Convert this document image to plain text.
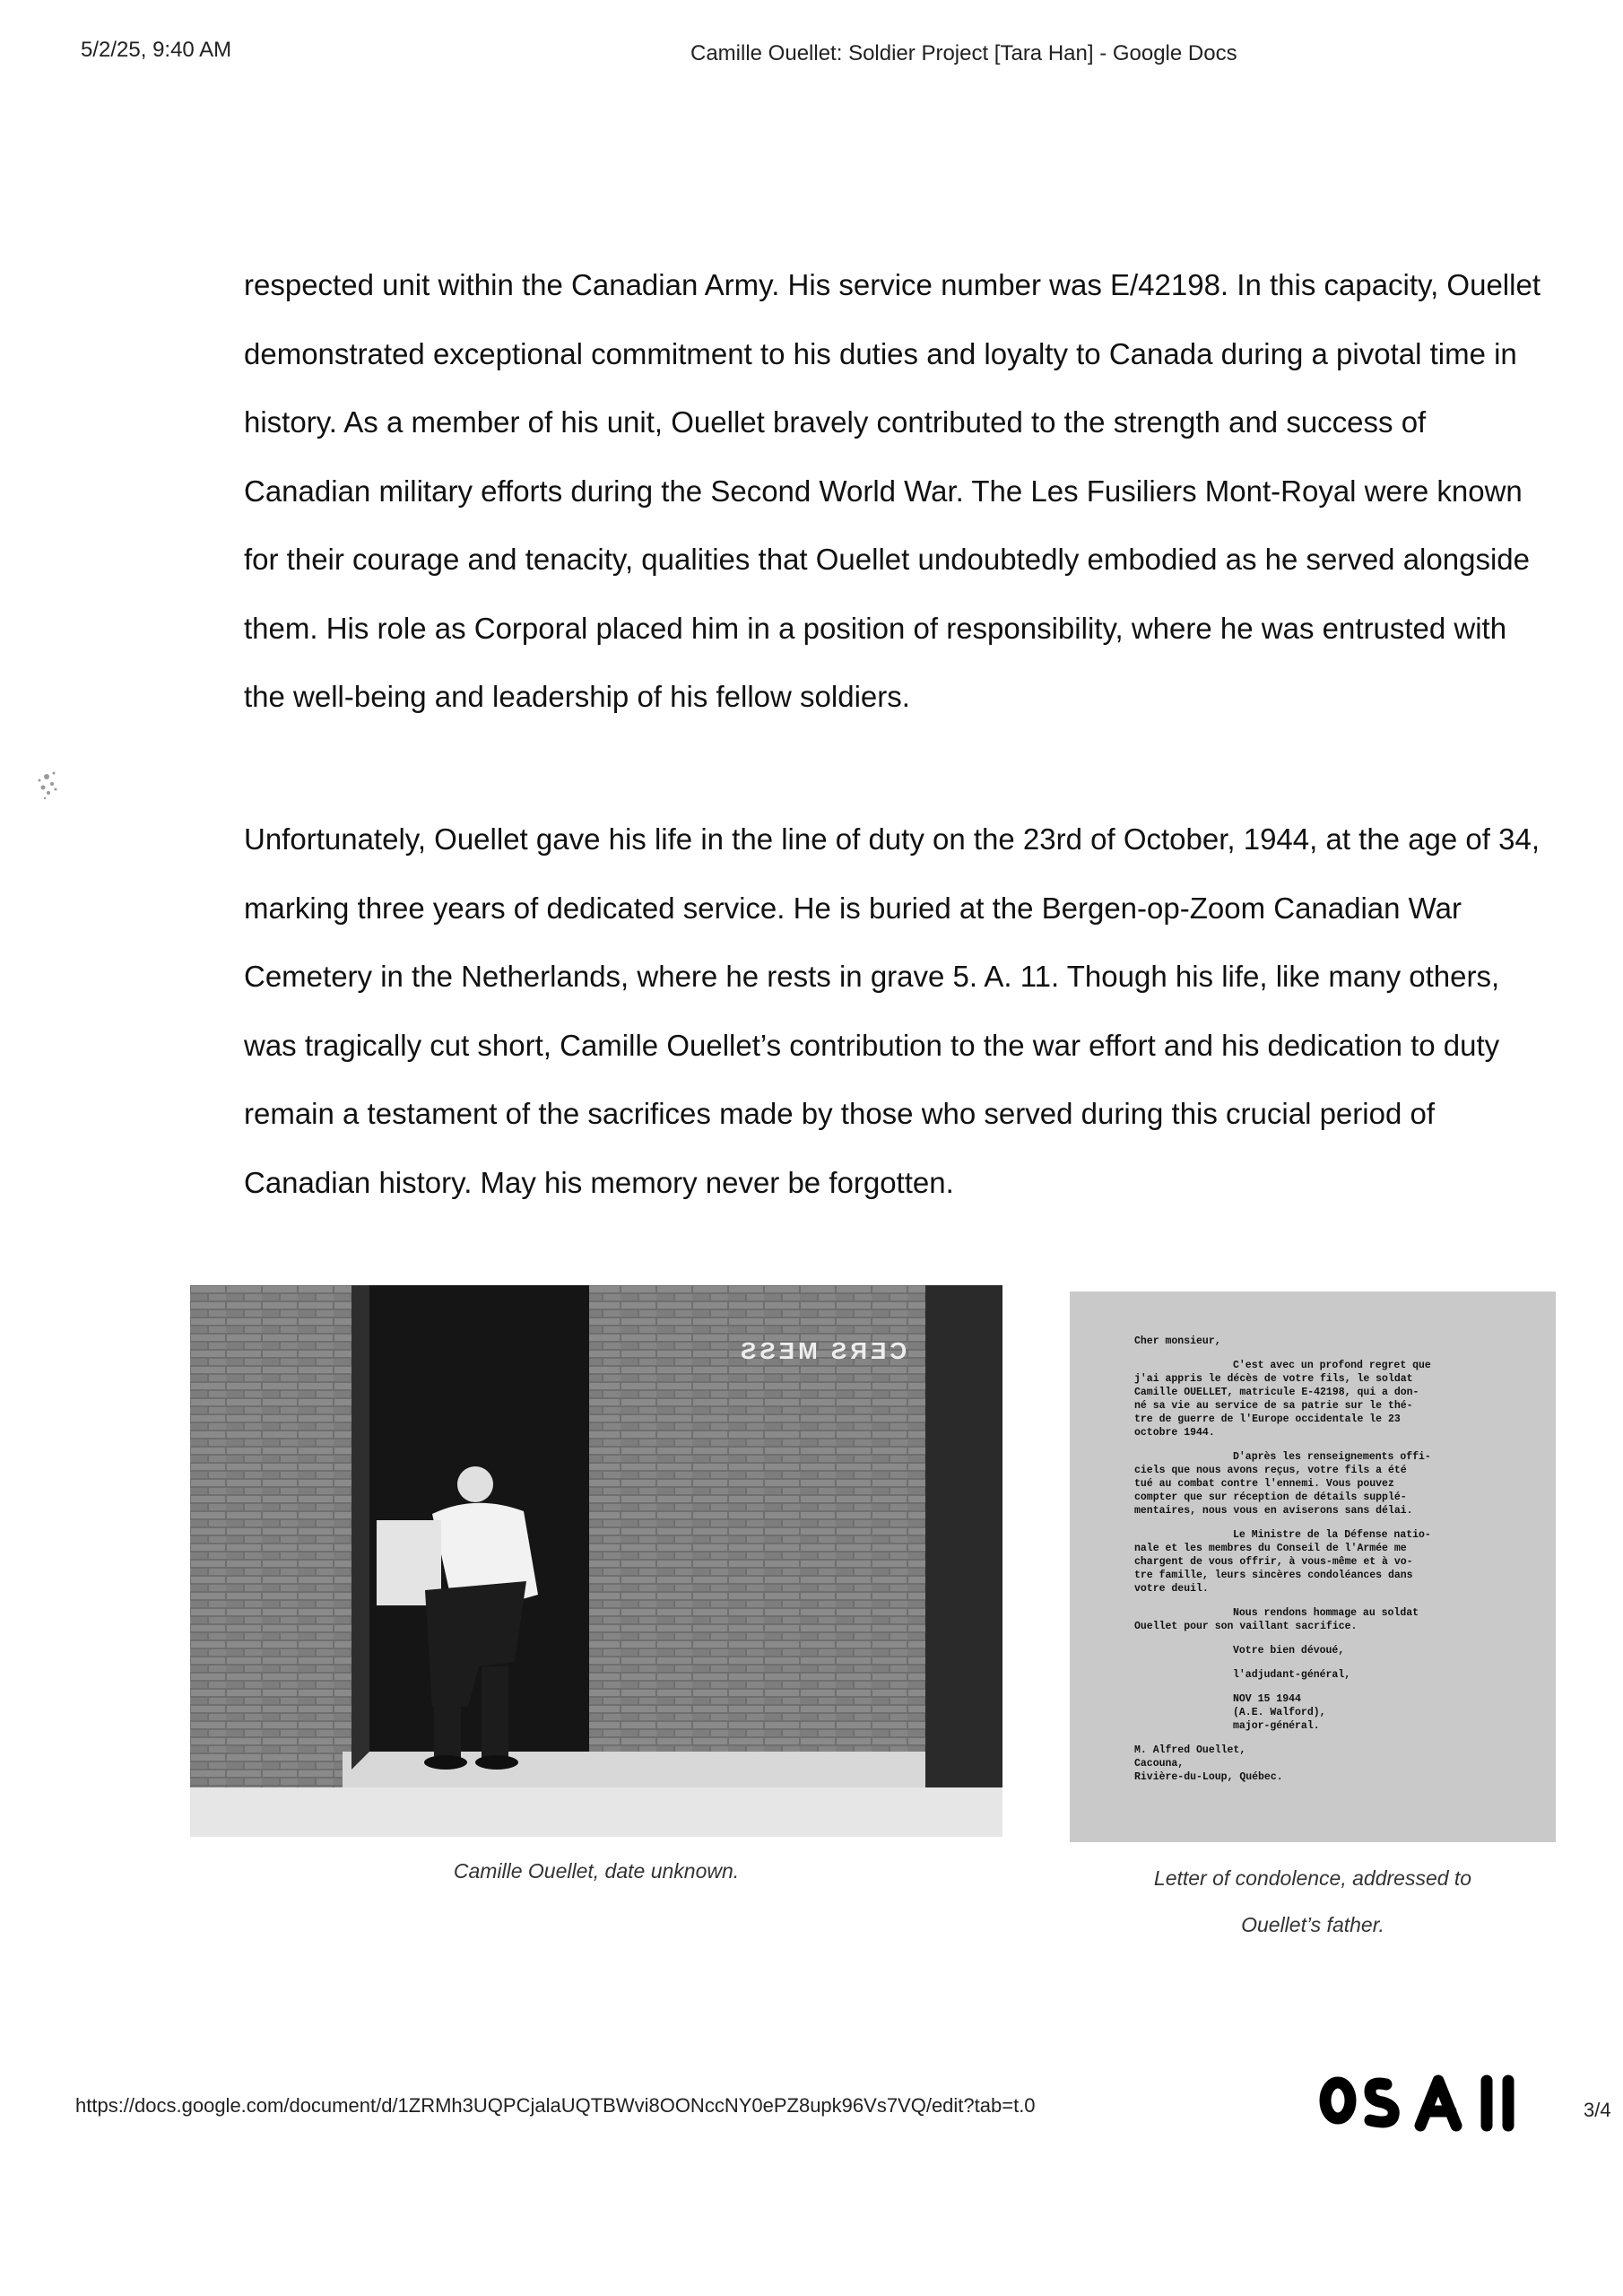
5/2/25, 9:40 AM	Camille Ouellet: Soldier Project [Tara Han] - Google Docs

respected unit within the Canadian Army. His service number was E/42198. In this capacity, Ouellet demonstrated exceptional commitment to his duties and loyalty to Canada during a pivotal time in history. As a member of his unit, Ouellet bravely contributed to the strength and success of Canadian military efforts during the Second World War. The Les Fusiliers Mont-Royal were known for their courage and tenacity, qualities that Ouellet undoubtedly embodied as he served alongside them. His role as Corporal placed him in a position of responsibility, where he was entrusted with the well-being and leadership of his fellow soldiers.

Unfortunately, Ouellet gave his life in the line of duty on the 23rd of October, 1944, at the age of 34, marking three years of dedicated service. He is buried at the Bergen-op-Zoom Canadian War Cemetery in the Netherlands, where he rests in grave 5. A. 11. Though his life, like many others, was tragically cut short, Camille Ouellet’s contribution to the war effort and his dedication to duty remain a testament of the sacrifices made by those who served during this crucial period of Canadian history. May his memory never be forgotten.

CERS MESS
Camille Ouellet, date unknown.
Cher monsieur,
C'est avec un profond regret que
j'ai appris le décès de votre fils, le soldat
Camille OUELLET, matricule E-42198, qui a don-
né sa vie au service de sa patrie sur le thé-
tre de guerre de l'Europe occidentale le 23
octobre 1944.
D'après les renseignements offi-
ciels que nous avons reçus, votre fils a été
tué au combat contre l'ennemi. Vous pouvez
compter que sur réception de détails supplé-
mentaires, nous vous en aviserons sans délai.
Le Ministre de la Défense natio-
nale et les membres du Conseil de l'Armée me
chargent de vous offrir, à vous-même et à vo-
tre famille, leurs sincères condoléances dans
votre deuil.
Nous rendons hommage au soldat
Ouellet pour son vaillant sacrifice.
Votre bien dévoué,
l'adjudant-général,
NOV 15 1944
(A.E. Walford),
major-général.
M. Alfred Ouellet,
Cacouna,
Rivière-du-Loup, Québec.
Letter of condolence, addressed to
Ouellet’s father.
https://docs.google.com/document/d/1ZRMh3UQPCjalaUQTBWvi8OONccNY0ePZ8upk96Vs7VQ/edit?tab=t.0	3/4
